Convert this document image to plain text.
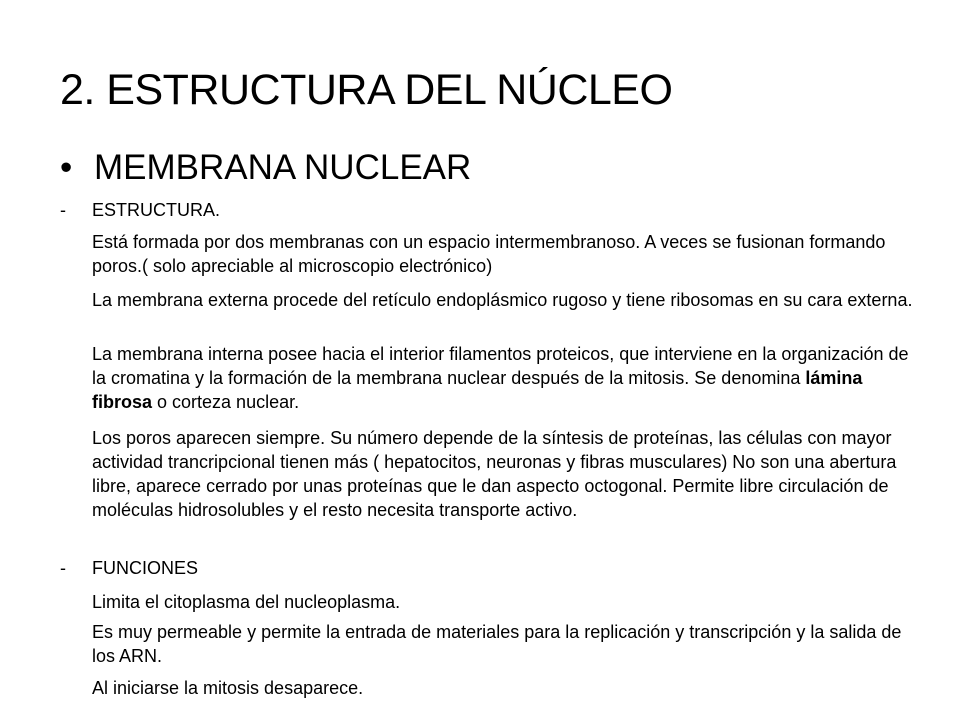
2. ESTRUCTURA DEL NÚCLEO
• MEMBRANA NUCLEAR
- ESTRUCTURA.

Está formada por dos membranas con un espacio intermembranoso. A veces se fusionan formando poros.( solo apreciable al microscopio electrónico)

La membrana externa procede del retículo endoplásmico rugoso y tiene ribosomas en su cara externa.

La membrana interna posee hacia el interior filamentos proteicos, que interviene en la organización de la cromatina y la formación de la membrana nuclear después de la mitosis. Se denomina lámina fibrosa o corteza nuclear.

Los poros aparecen siempre. Su número depende de la síntesis de proteínas, las células con mayor actividad trancripcional tienen más ( hepatocitos, neuronas y fibras musculares) No son una abertura libre, aparece cerrado por unas proteínas que le dan aspecto octogonal. Permite libre circulación de moléculas hidrosolubles y el resto necesita transporte activo.

- FUNCIONES

Limita el citoplasma del nucleoplasma.

Es muy permeable y permite la entrada de materiales para la replicación y transcripción y la salida de los ARN.

Al iniciarse la mitosis desaparece.
